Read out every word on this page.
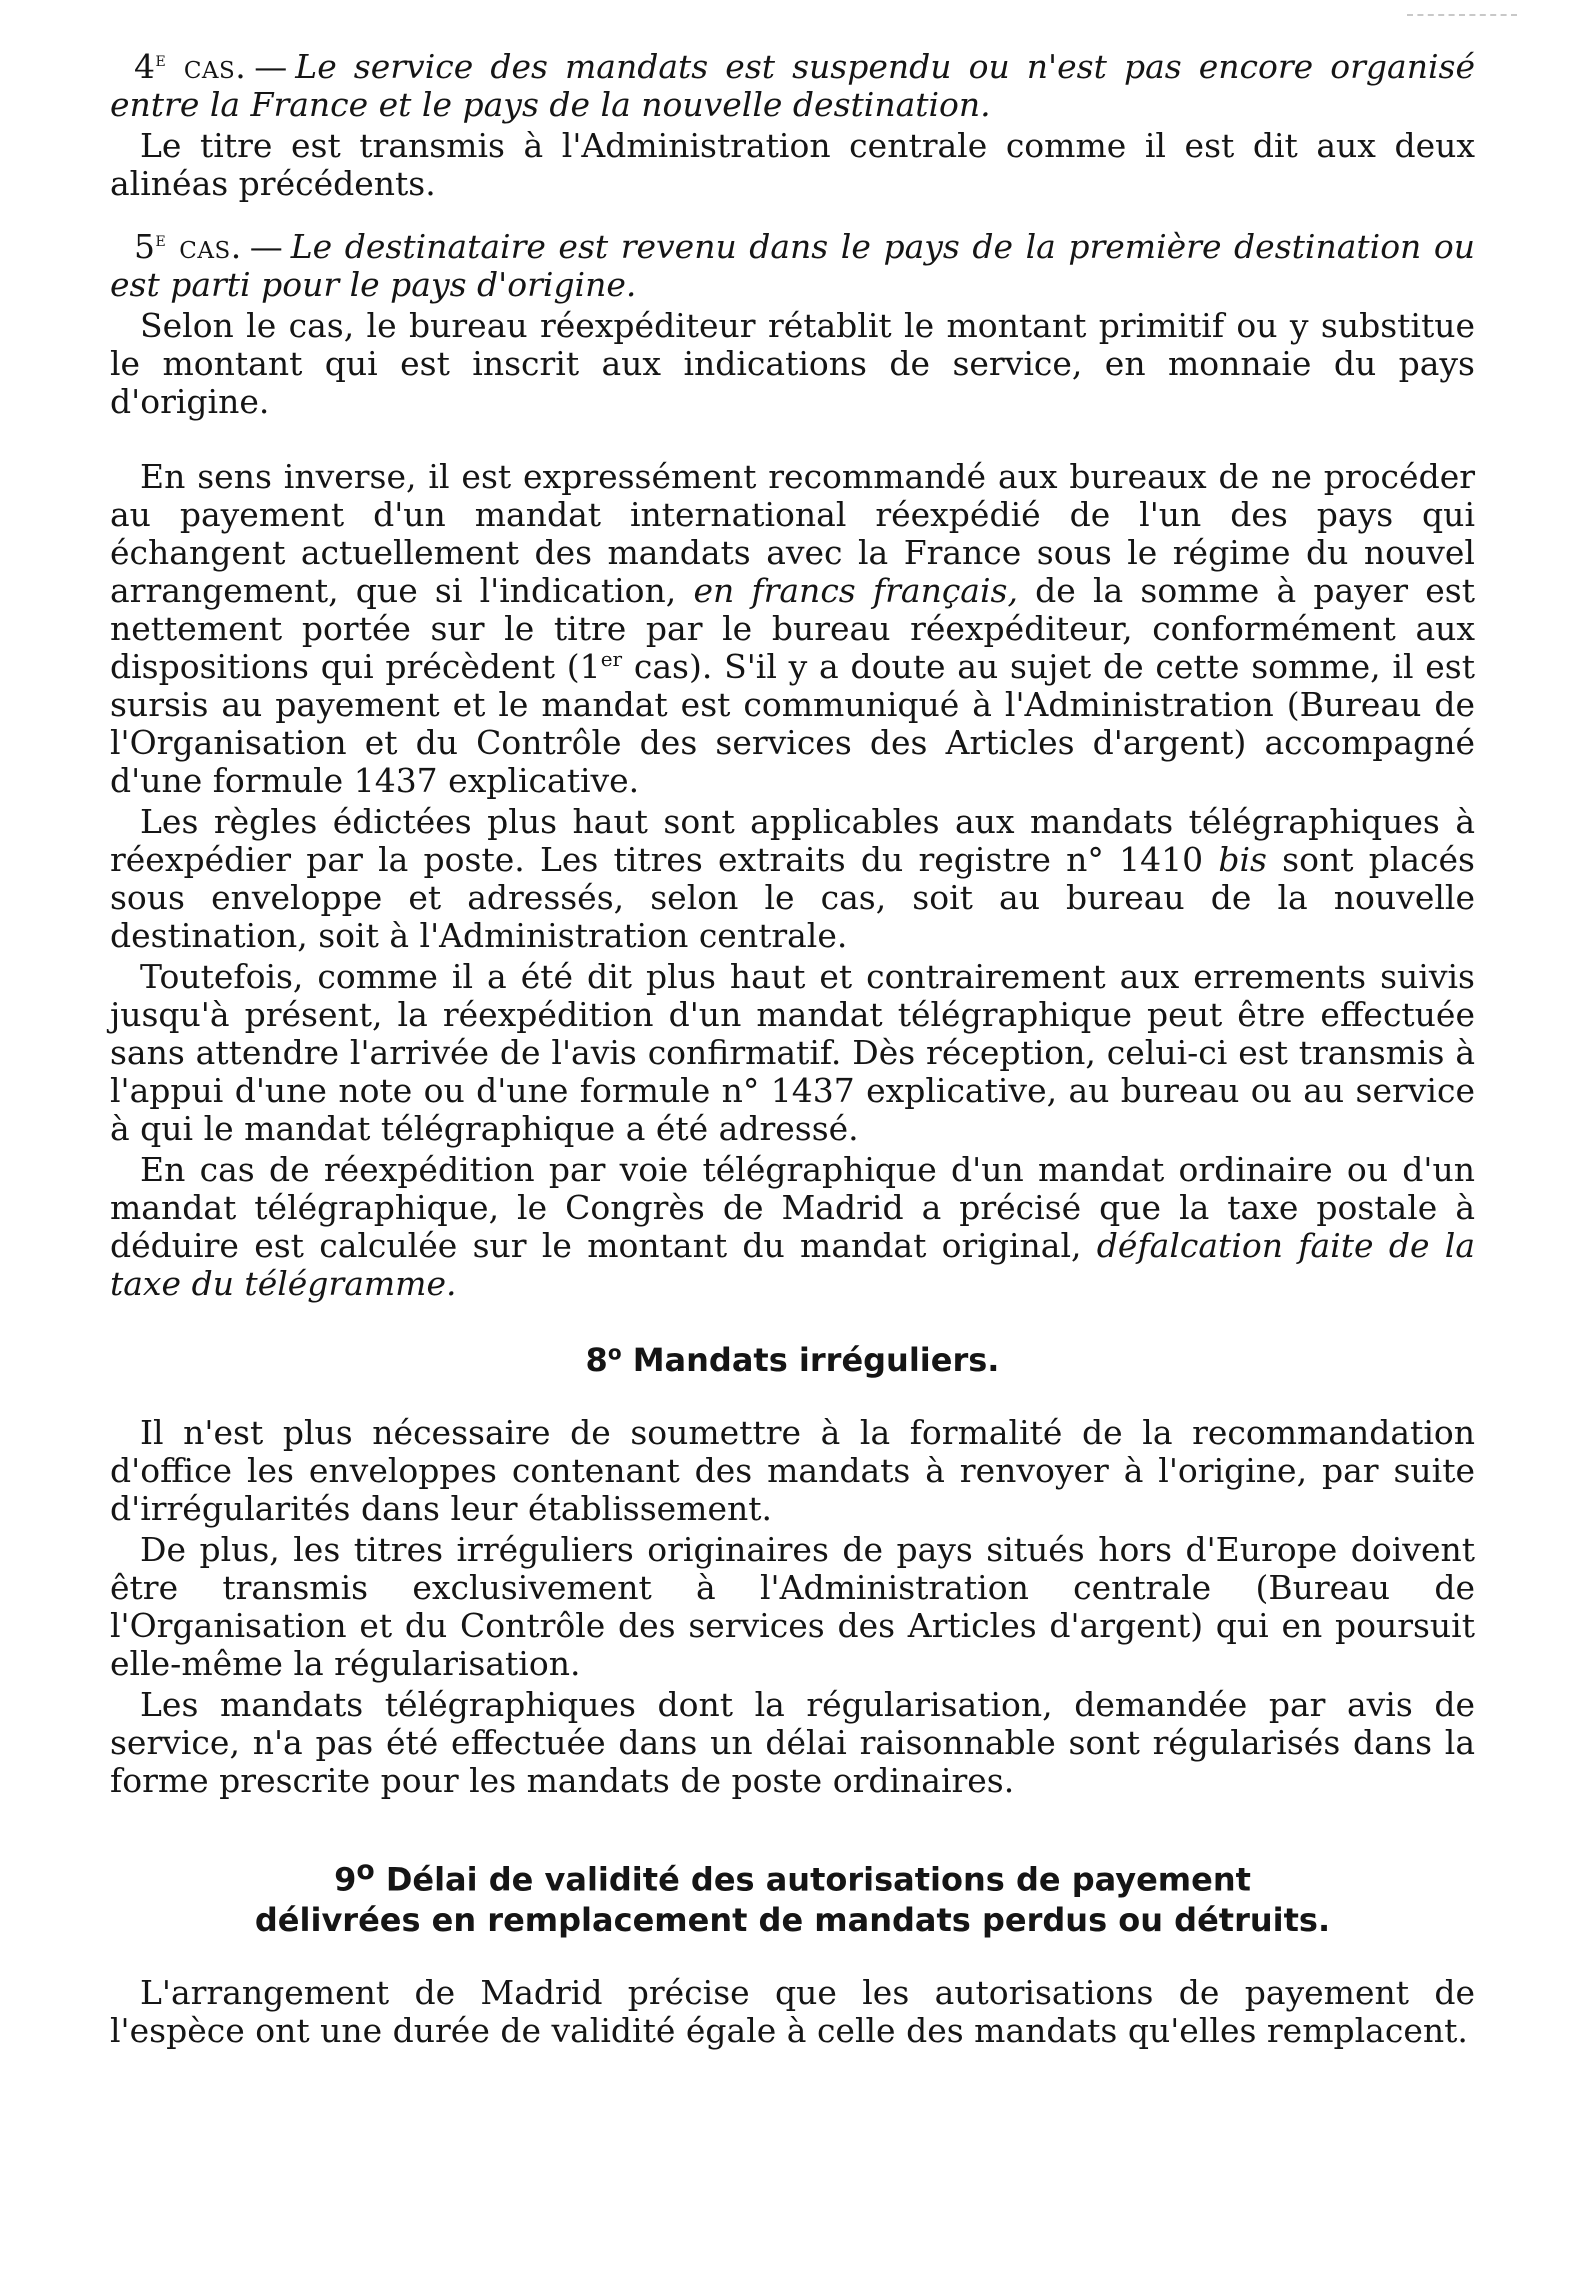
4e cas. — Le service des mandats est suspendu ou n'est pas encore organisé entre la France et le pays de la nouvelle destination.

Le titre est transmis à l'Administration centrale comme il est dit aux deux alinéas précédents.

5e cas. — Le destinataire est revenu dans le pays de la première destination ou est parti pour le pays d'origine.

Selon le cas, le bureau réexpéditeur rétablit le montant primitif ou y substitue le montant qui est inscrit aux indications de service, en monnaie du pays d'origine.

En sens inverse, il est expressément recommandé aux bureaux de ne procéder au payement d'un mandat international réexpédié de l'un des pays qui échangent actuellement des mandats avec la France sous le régime du nouvel arrangement, que si l'indication, en francs français, de la somme à payer est nettement portée sur le titre par le bureau réexpéditeur, conformément aux dispositions qui précèdent (1er cas). S'il y a doute au sujet de cette somme, il est sursis au payement et le mandat est communiqué à l'Administration (Bureau de l'Organisation et du Contrôle des services des Articles d'argent) accompagné d'une formule 1437 explicative.

Les règles édictées plus haut sont applicables aux mandats télégraphiques à réexpédier par la poste. Les titres extraits du registre n° 1410 bis sont placés sous enveloppe et adressés, selon le cas, soit au bureau de la nouvelle destination, soit à l'Administration centrale.

Toutefois, comme il a été dit plus haut et contrairement aux errements suivis jusqu'à présent, la réexpédition d'un mandat télégraphique peut être effectuée sans attendre l'arrivée de l'avis confirmatif. Dès réception, celui-ci est transmis à l'appui d'une note ou d'une formule n° 1437 explicative, au bureau ou au service à qui le mandat télégraphique a été adressé.

En cas de réexpédition par voie télégraphique d'un mandat ordinaire ou d'un mandat télégraphique, le Congrès de Madrid a précisé que la taxe postale à déduire est calculée sur le montant du mandat original, défalcation faite de la taxe du télégramme.

8$^o$ Mandats irréguliers.

Il n'est plus nécessaire de soumettre à la formalité de la recommandation d'office les enveloppes contenant des mandats à renvoyer à l'origine, par suite d'irrégularités dans leur établissement.

De plus, les titres irréguliers originaires de pays situés hors d'Europe doivent être transmis exclusivement à l'Administration centrale (Bureau de l'Organisation et du Contrôle des services des Articles d'argent) qui en poursuit elle-même la régularisation.

Les mandats télégraphiques dont la régularisation, demandée par avis de service, n'a pas été effectuée dans un délai raisonnable sont régularisés dans la forme prescrite pour les mandats de poste ordinaires.

9$^o$ Délai de validité des autorisations de payement
délivrées en remplacement de mandats perdus ou détruits.

L'arrangement de Madrid précise que les autorisations de payement de l'espèce ont une durée de validité égale à celle des mandats qu'elles remplacent.
